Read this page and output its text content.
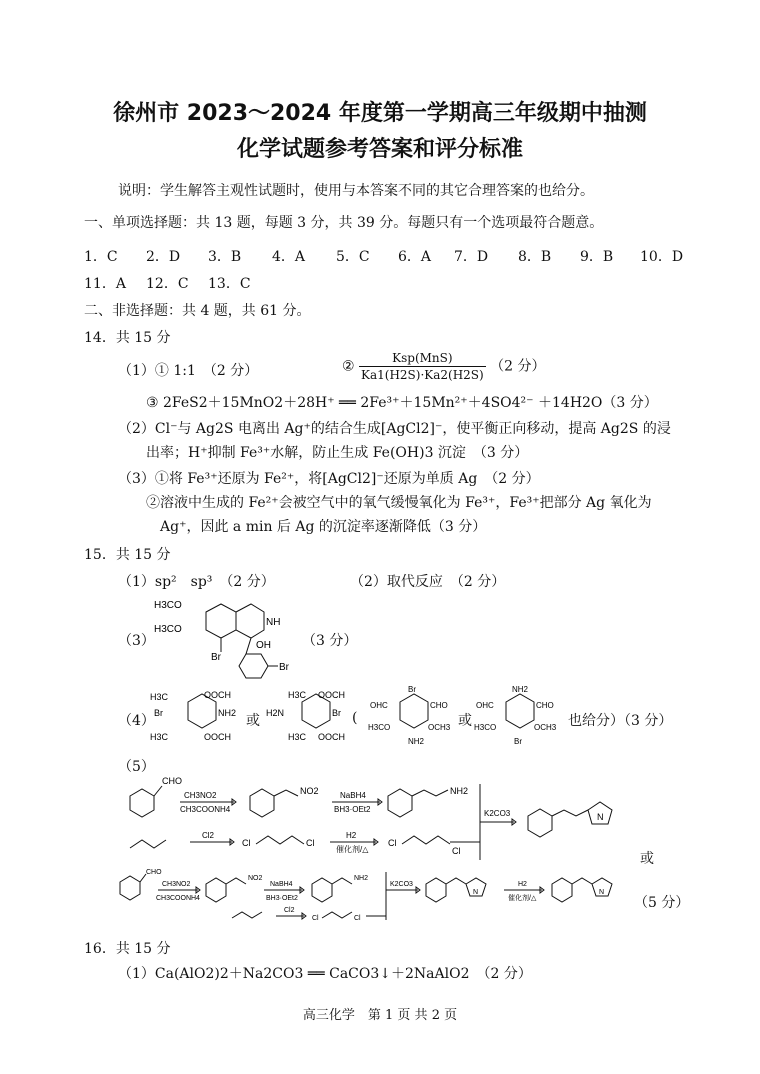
徐州市 2023～2024 年度第一学期高三年级期中抽测
化学试题参考答案和评分标准
说明：学生解答主观性试题时，使用与本答案不同的其它合理答案的也给分。
一、单项选择题：共 13 题，每题 3 分，共 39 分。每题只有一个选项最符合题意。
1．C 2．D 3．B 4．A 5．C 6．A 7．D 8．B 9．B 10．D
11．A 12．C 13．C
二、非选择题：共 4 题，共 61 分。
14．共 15 分
（1）① 1:1　（2 分）	② $\frac{\text{Ksp(MnS)}}{Ka1(H2S)\cdot Ka2(H2S)} (2$ 分）
③ 2FeS2＋15MnO2＋28H⁺ ══ 2Fe³⁺＋15Mn²⁺＋4SO4²⁻ ＋14H2O（3 分）
（2）Cl⁻与 Ag2S 电离出 Ag⁺的结合生成[AgCl2]⁻，使平衡正向移动，提高 Ag2S 的浸
出率；H⁺抑制 Fe³⁺水解，防止生成 Fe(OH)3 沉淀　（3 分）
（3）①将 Fe³⁺还原为 Fe²⁺，将[AgCl2]⁻还原为单质 Ag　（2 分）
②溶液中生成的 Fe²⁺会被空气中的氧气缓慢氧化为 Fe³⁺，Fe³⁺把部分 Ag 氧化为
Ag⁺，因此 a min 后 Ag 的沉淀率逐渐降低（3 分）
15．共 15 分
（1）sp²　sp³　（2 分）	（2）取代反应　（2 分）
（3）
H3CO
H3CO
NH
OH
Br
Br
（3 分）
（4）
H3C	OOCH
Br	NH2
H3C	OOCH
或
H3C OOCH
H2N	Br
H3C OOCH
(
Br
OHC	CHO
H3CO	OCH3
NH2
或
NH2
OHC	CHO
H3CO	OCH3
Br
也给分）（3 分）
（5）
CHO
CH3NO2
CH3COONH4
NO2	NaBH4
BH3·OEt2
NH2
K2CO3	N
Cl2
Cl	Cl
H2
催化剂/△
Cl
Cl	或
CHO
CH3NO2
CH3COONH4
NO2
NaBH4
BH3·OEt2
NH2
K2CO3
N
H2
催化剂/△
N
Cl2
Cl	Cl
（5 分）
16．共 15 分
（1）Ca(AlO2)2＋Na2CO3 ══ CaCO3↓＋2NaAlO2　（2 分）
高三化学　第 1 页 共 2 页
